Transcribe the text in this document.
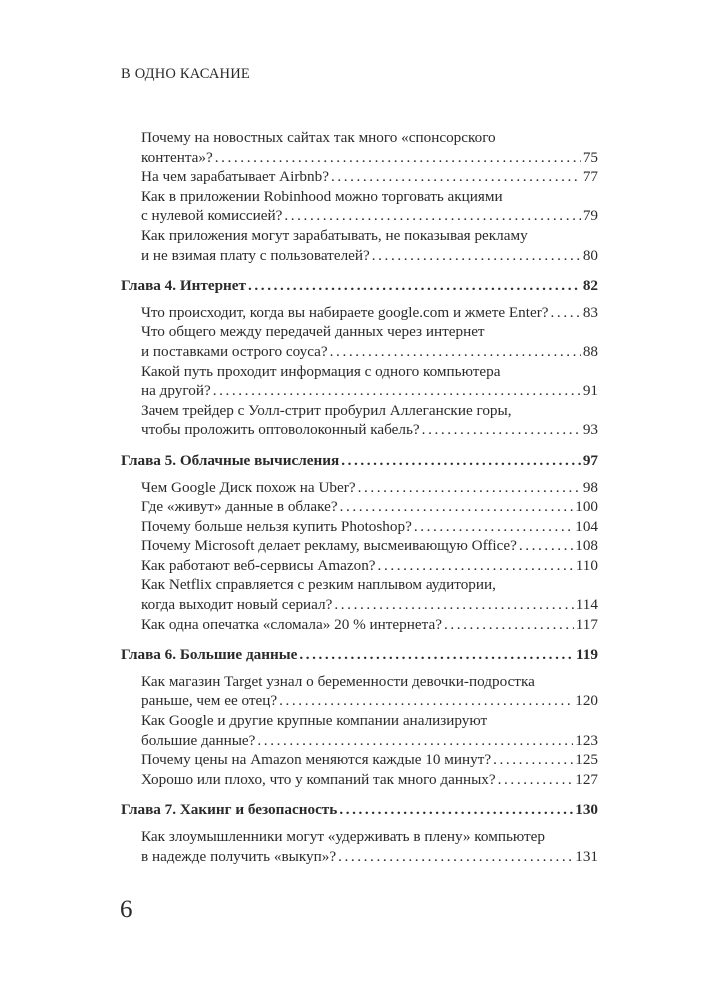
В ОДНО КАСАНИЕ
Почему на новостных сайтах так много «спонсорского
контента»? . . .	75
На чем зарабатывает Airbnb? . . .	77
Как в приложении Robinhood можно торговать акциями
с нулевой комиссией? . . .	79
Как приложения могут зарабатывать, не показывая рекламу
и не взимая плату с пользователей? . . .	80
Глава 4. Интернет . . .	82
Что происходит, когда вы набираете google.com и жмете Enter? . . . 83
Что общего между передачей данных через интернет
и поставками острого соуса? . . .	88
Какой путь проходит информация с одного компьютера
на другой? . . .	91
Зачем трейдер с Уолл-стрит пробурил Аллеганские горы,
чтобы проложить оптоволоконный кабель? . . .	93
Глава 5. Облачные вычисления . . .	97
Чем Google Диск похож на Uber? . . .	98
Где «живут» данные в облаке? . . .	100
Почему больше нельзя купить Photoshop? . . .	104
Почему Microsoft делает рекламу, высмеивающую Office? . . .	108
Как работают веб-сервисы Amazon? . . .	110
Как Netflix справляется с резким наплывом аудитории,
когда выходит новый сериал? . . .	114
Как одна опечатка «сломала» 20 % интернета? . . .	117
Глава 6. Большие данные . . .	119
Как магазин Target узнал о беременности девочки-подростка
раньше, чем ее отец? . . .	120
Как Google и другие крупные компании анализируют
большие данные? . . .	123
Почему цены на Amazon меняются каждые 10 минут? . . .	125
Хорошо или плохо, что у компаний так много данных? . . .	127
Глава 7. Хакинг и безопасность . . .	130
Как злоумышленники могут «удерживать в плену» компьютер
в надежде получить «выкуп»? . . .	131
6
